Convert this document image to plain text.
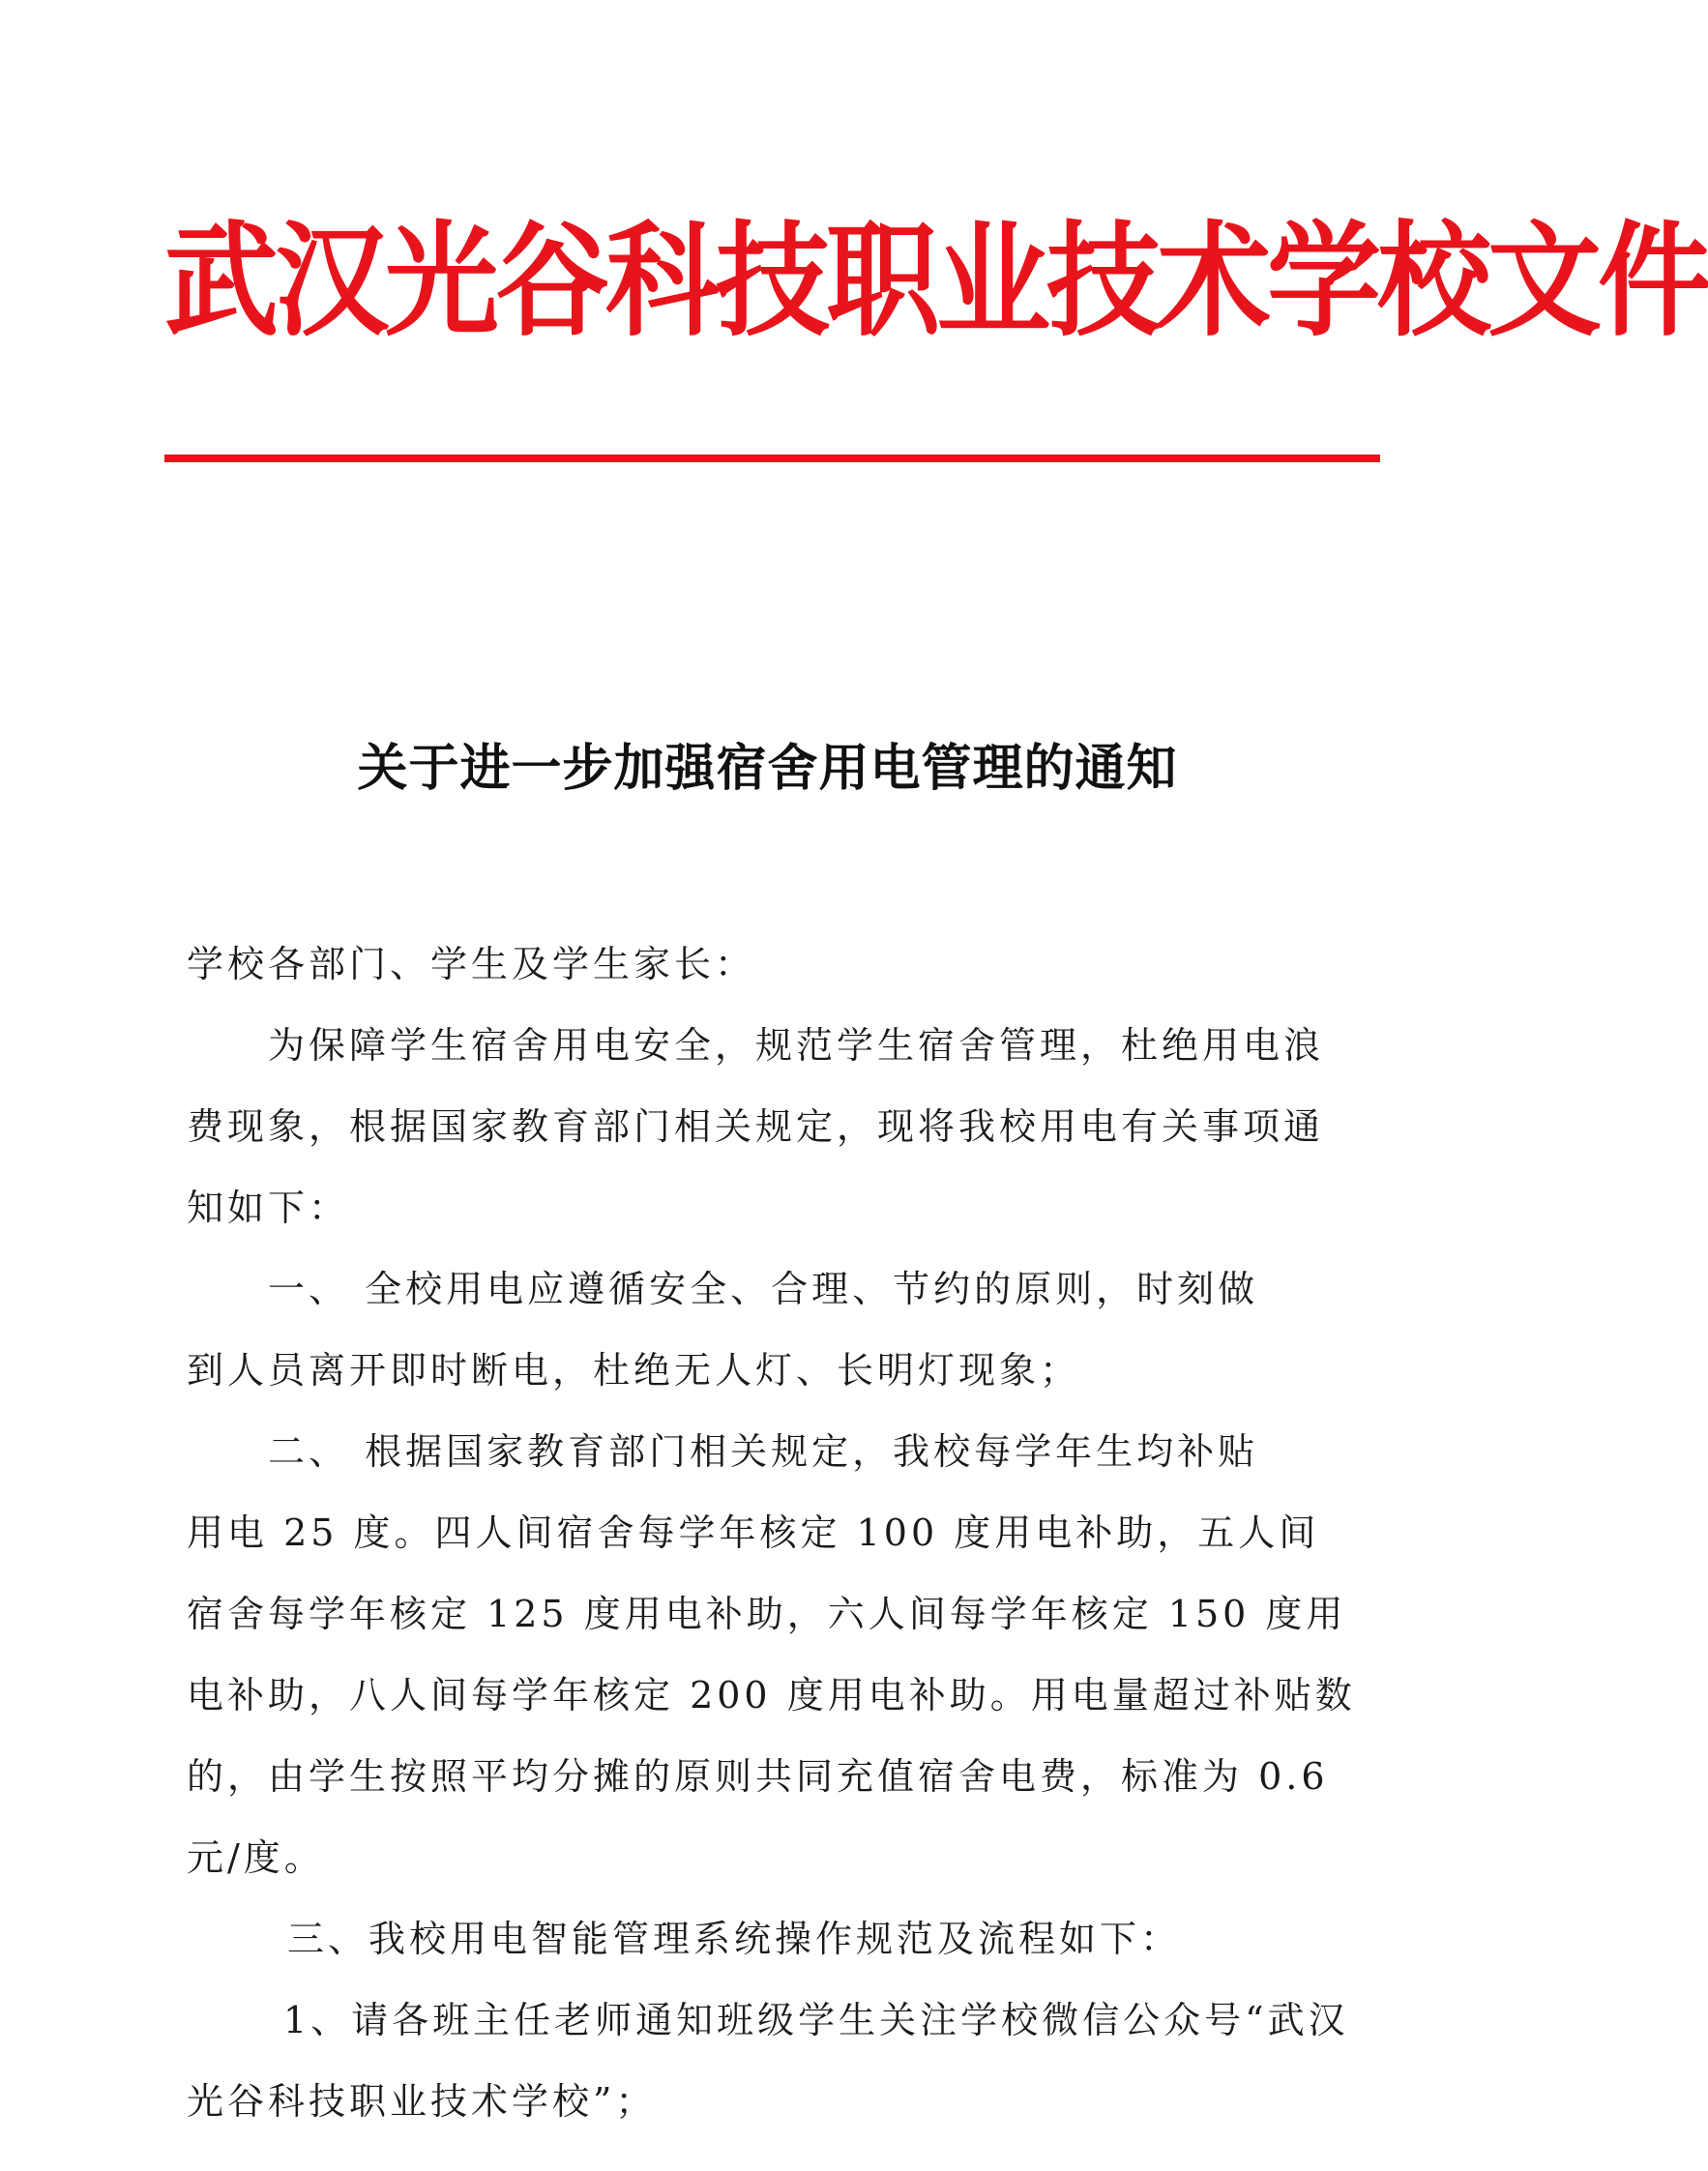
武汉光谷科技职业技术学校文件
关于进一步加强宿舍用电管理的通知

学校各部门、学生及学生家长：

为保障学生宿舍用电安全，规范学生宿舍管理，杜绝用电浪费现象，根据国家教育部门相关规定，现将我校用电有关事项通知如下：

一、 全校用电应遵循安全、合理、节约的原则，时刻做

到人员离开即时断电，杜绝无人灯、长明灯现象；

二、 根据国家教育部门相关规定，我校每学年生均补贴

用电 25 度。四人间宿舍每学年核定 100 度用电补助，五人间宿舍每学年核定 125 度用电补助，六人间每学年核定 150 度用电补助，八人间每学年核定 200 度用电补助。用电量超过补贴数的，由学生按照平均分摊的原则共同充值宿舍电费，标准为 0.6 元/度。

三、我校用电智能管理系统操作规范及流程如下：

1、请各班主任老师通知班级学生关注学校微信公众号“武汉光谷科技职业技术学校”；
